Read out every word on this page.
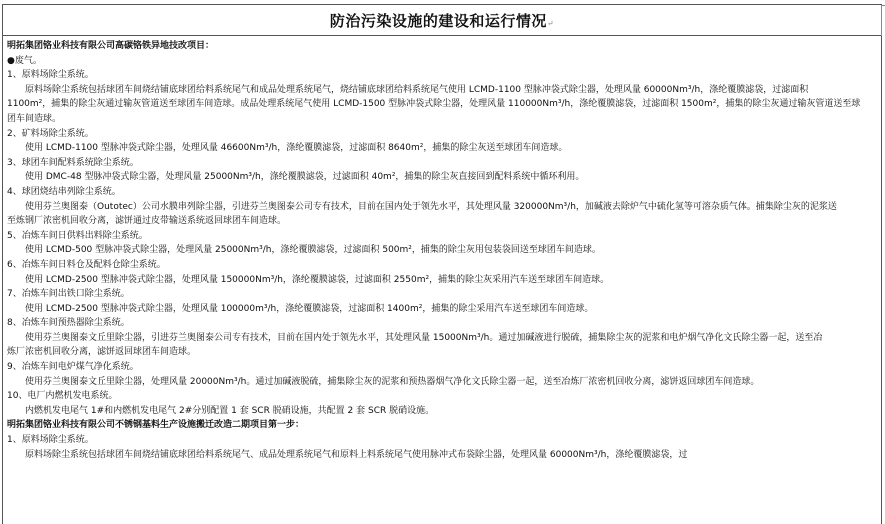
防治污染设施的建设和运行情况↵
明拓集团铬业科技有限公司高碳铬铁异地技改项目：
●废气。
1、原料场除尘系统。
原料场除尘系统包括球团车间烧结铺底球团给料系统尾气和成品处理系统尾气，烧结铺底球团给料系统尾气使用 LCMD-1100 型脉冲袋式除尘器，处理风量 60000Nm³/h，涤纶覆膜滤袋，过滤面积
1100m²，捕集的除尘灰通过输灰管道送至球团车间造球。成品处理系统尾气使用 LCMD-1500 型脉冲袋式除尘器，处理风量 110000Nm³/h，涤纶覆膜滤袋，过滤面积 1500m²，捕集的除尘灰通过输灰管道送至球
团车间造球。
2、矿料场除尘系统。
使用 LCMD-1100 型脉冲袋式除尘器，处理风量 46600Nm³/h，涤纶覆膜滤袋，过滤面积 8640m²，捕集的除尘灰送至球团车间造球。
3、球团车间配料系统除尘系统。
使用 DMC-48 型脉冲袋式除尘器，处理风量 25000Nm³/h，涤纶覆膜滤袋，过滤面积 40m²，捕集的除尘灰直接回到配料系统中循环利用。
4、球团烧结串列除尘系统。
使用芬兰奥图泰（Outotec）公司水膜串列除尘器，引进芬兰奥图泰公司专有技术，目前在国内处于领先水平，其处理风量 320000Nm³/h，加碱液去除炉气中硫化氢等可溶杂质气体。捕集除尘灰的泥浆送
至炼钢厂浓密机回收分离，滤饼通过皮带输送系统返回球团车间造球。
5、冶炼车间日供料出料除尘系统。
使用 LCMD-500 型脉冲袋式除尘器，处理风量 25000Nm³/h，涤纶覆膜滤袋，过滤面积 500m²，捕集的除尘灰用包装袋回送至球团车间造球。
6、冶炼车间日料仓及配料仓除尘系统。
使用 LCMD-2500 型脉冲袋式除尘器，处理风量 150000Nm³/h，涤纶覆膜滤袋，过滤面积 2550m²，捕集的除尘灰采用汽车送至球团车间造球。
7、冶炼车间出铁口除尘系统。
使用 LCMD-2500 型脉冲袋式除尘器，处理风量 100000m³/h，涤纶覆膜滤袋，过滤面积 1400m²，捕集的除尘采用汽车送至球团车间造球。
8、冶炼车间预热器除尘系统。
使用芬兰奥图泰文丘里除尘器，引进芬兰奥图泰公司专有技术，目前在国内处于领先水平，其处理风量 15000Nm³/h。通过加碱液进行脱硫，捕集除尘灰的泥浆和电炉烟气净化文氏除尘器一起，送至冶
炼厂浓密机回收分离，滤饼返回球团车间造球。
9、冶炼车间电炉煤气净化系统。
使用芬兰奥图泰文丘里除尘器，处理风量 20000Nm³/h。通过加碱液脱硫，捕集除尘灰的泥浆和预热器烟气净化文氏除尘器一起，送至冶炼厂浓密机回收分离，滤饼返回球团车间造球。
10、电厂内燃机发电系统。
内燃机发电尾气 1#和内燃机发电尾气 2#分别配置 1 套 SCR 脱硝设施，共配置 2 套 SCR 脱硝设施。
明拓集团铬业科技有限公司不锈钢基料生产设施搬迁改造二期项目第一步：
1、原料场除尘系统。
原料场除尘系统包括球团车间烧结铺底球团给料系统尾气、成品处理系统尾气和原料上料系统尾气使用脉冲式布袋除尘器，处理风量 60000Nm³/h，涤纶覆膜滤袋，过
